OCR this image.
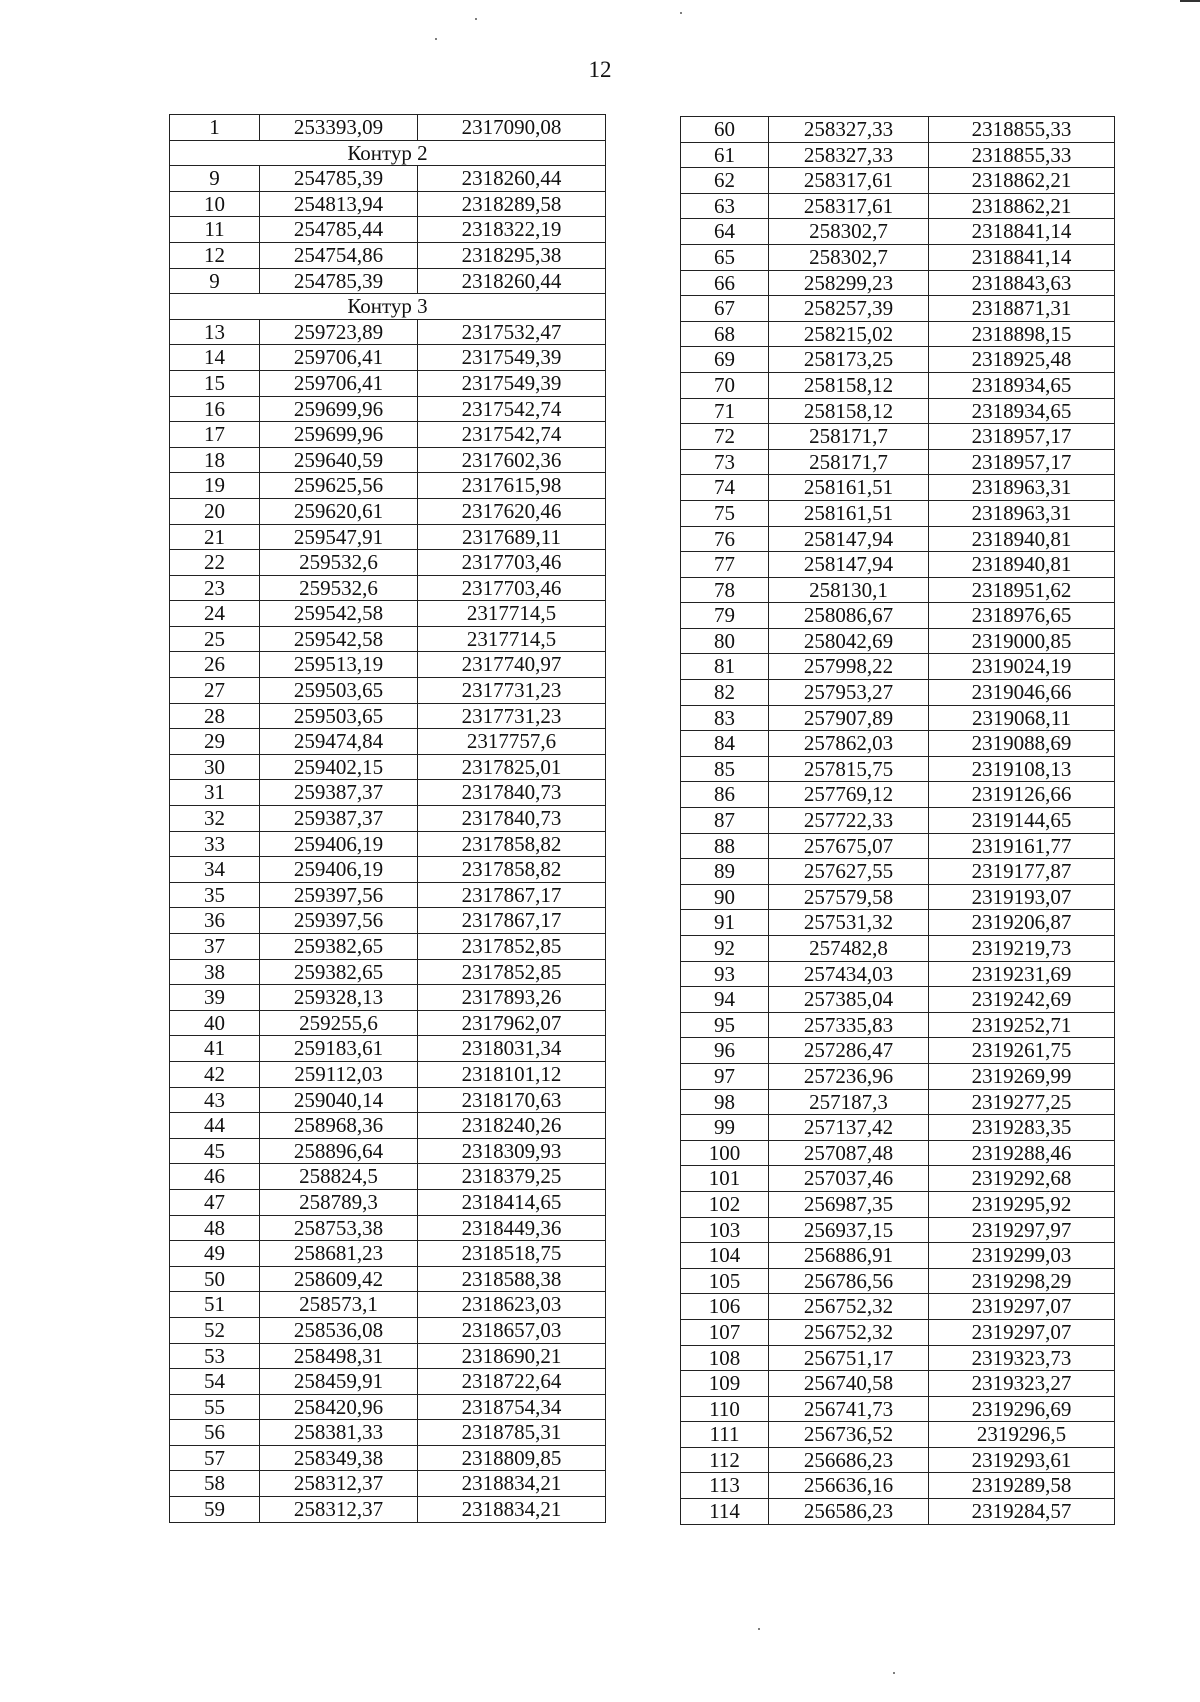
12
1	253393,09	2317090,08
Контур 2		
9	254785,39	2318260,44
10	254813,94	2318289,58
11	254785,44	2318322,19
12	254754,86	2318295,38
9	254785,39	2318260,44
Контур 3		
13	259723,89	2317532,47
14	259706,41	2317549,39
15	259706,41	2317549,39
16	259699,96	2317542,74
17	259699,96	2317542,74
18	259640,59	2317602,36
19	259625,56	2317615,98
20	259620,61	2317620,46
21	259547,91	2317689,11
22	259532,6	2317703,46
23	259532,6	2317703,46
24	259542,58	2317714,5
25	259542,58	2317714,5
26	259513,19	2317740,97
27	259503,65	2317731,23
28	259503,65	2317731,23
29	259474,84	2317757,6
30	259402,15	2317825,01
31	259387,37	2317840,73
32	259387,37	2317840,73
33	259406,19	2317858,82
34	259406,19	2317858,82
35	259397,56	2317867,17
36	259397,56	2317867,17
37	259382,65	2317852,85
38	259382,65	2317852,85
39	259328,13	2317893,26
40	259255,6	2317962,07
41	259183,61	2318031,34
42	259112,03	2318101,12
43	259040,14	2318170,63
44	258968,36	2318240,26
45	258896,64	2318309,93
46	258824,5	2318379,25
47	258789,3	2318414,65
48	258753,38	2318449,36
49	258681,23	2318518,75
50	258609,42	2318588,38
51	258573,1	2318623,03
52	258536,08	2318657,03
53	258498,31	2318690,21
54	258459,91	2318722,64
55	258420,96	2318754,34
56	258381,33	2318785,31
57	258349,38	2318809,85
58	258312,37	2318834,21
59	258312,37	2318834,21
60	258327,33	2318855,33
61	258327,33	2318855,33
62	258317,61	2318862,21
63	258317,61	2318862,21
64	258302,7	2318841,14
65	258302,7	2318841,14
66	258299,23	2318843,63
67	258257,39	2318871,31
68	258215,02	2318898,15
69	258173,25	2318925,48
70	258158,12	2318934,65
71	258158,12	2318934,65
72	258171,7	2318957,17
73	258171,7	2318957,17
74	258161,51	2318963,31
75	258161,51	2318963,31
76	258147,94	2318940,81
77	258147,94	2318940,81
78	258130,1	2318951,62
79	258086,67	2318976,65
80	258042,69	2319000,85
81	257998,22	2319024,19
82	257953,27	2319046,66
83	257907,89	2319068,11
84	257862,03	2319088,69
85	257815,75	2319108,13
86	257769,12	2319126,66
87	257722,33	2319144,65
88	257675,07	2319161,77
89	257627,55	2319177,87
90	257579,58	2319193,07
91	257531,32	2319206,87
92	257482,8	2319219,73
93	257434,03	2319231,69
94	257385,04	2319242,69
95	257335,83	2319252,71
96	257286,47	2319261,75
97	257236,96	2319269,99
98	257187,3	2319277,25
99	257137,42	2319283,35
100	257087,48	2319288,46
101	257037,46	2319292,68
102	256987,35	2319295,92
103	256937,15	2319297,97
104	256886,91	2319299,03
105	256786,56	2319298,29
106	256752,32	2319297,07
107	256752,32	2319297,07
108	256751,17	2319323,73
109	256740,58	2319323,27
110	256741,73	2319296,69
111	256736,52	2319296,5
112	256686,23	2319293,61
113	256636,16	2319289,58
114	256586,23	2319284,57
